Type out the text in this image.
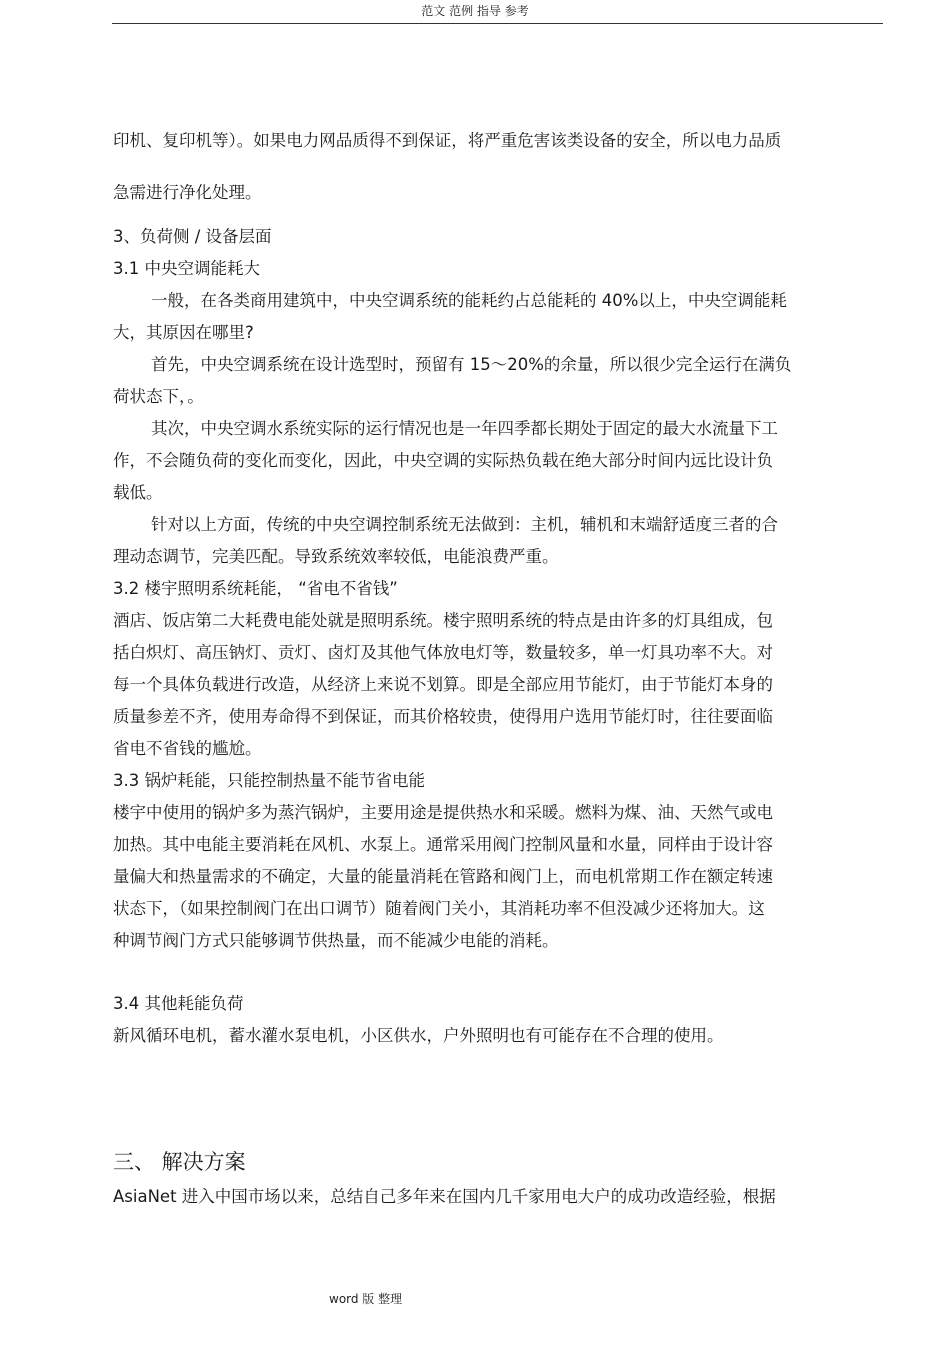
范文 范例 指导 参考
印机、复印机等）。如果电力网品质得不到保证，将严重危害该类设备的安全，所以电力品质
急需进行净化处理。
3、负荷侧 / 设备层面
3.1 中央空调能耗大
一般，在各类商用建筑中，中央空调系统的能耗约占总能耗的 40%以上，中央空调能耗
大，其原因在哪里?
首先，中央空调系统在设计选型时，预留有 15～20%的余量，所以很少完全运行在满负
荷状态下，。
其次，中央空调水系统实际的运行情况也是一年四季都长期处于固定的最大水流量下工
作，不会随负荷的变化而变化，因此，中央空调的实际热负载在绝大部分时间内远比设计负
载低。
针对以上方面，传统的中央空调控制系统无法做到：主机，辅机和末端舒适度三者的合
理动态调节，完美匹配。导致系统效率较低，电能浪费严重。
3.2 楼宇照明系统耗能， “省电不省钱”
酒店、饭店第二大耗费电能处就是照明系统。楼宇照明系统的特点是由许多的灯具组成，包
括白炽灯、高压钠灯、贡灯、卤灯及其他气体放电灯等，数量较多，单一灯具功率不大。对
每一个具体负载进行改造，从经济上来说不划算。即是全部应用节能灯，由于节能灯本身的
质量参差不齐，使用寿命得不到保证，而其价格较贵，使得用户选用节能灯时，往往要面临
省电不省钱的尴尬。
3.3 锅炉耗能，只能控制热量不能节省电能
楼宇中使用的锅炉多为蒸汽锅炉，主要用途是提供热水和采暖。燃料为煤、油、天然气或电
加热。其中电能主要消耗在风机、水泵上。通常采用阀门控制风量和水量，同样由于设计容
量偏大和热量需求的不确定，大量的能量消耗在管路和阀门上，而电机常期工作在额定转速
状态下，（如果控制阀门在出口调节）随着阀门关小，其消耗功率不但没减少还将加大。这
种调节阀门方式只能够调节供热量，而不能减少电能的消耗。
3.4 其他耗能负荷
新风循环电机，蓄水灌水泵电机，小区供水，户外照明也有可能存在不合理的使用。
三、 解决方案
AsiaNet 进入中国市场以来，总结自己多年来在国内几千家用电大户的成功改造经验，根据
word 版 整理
